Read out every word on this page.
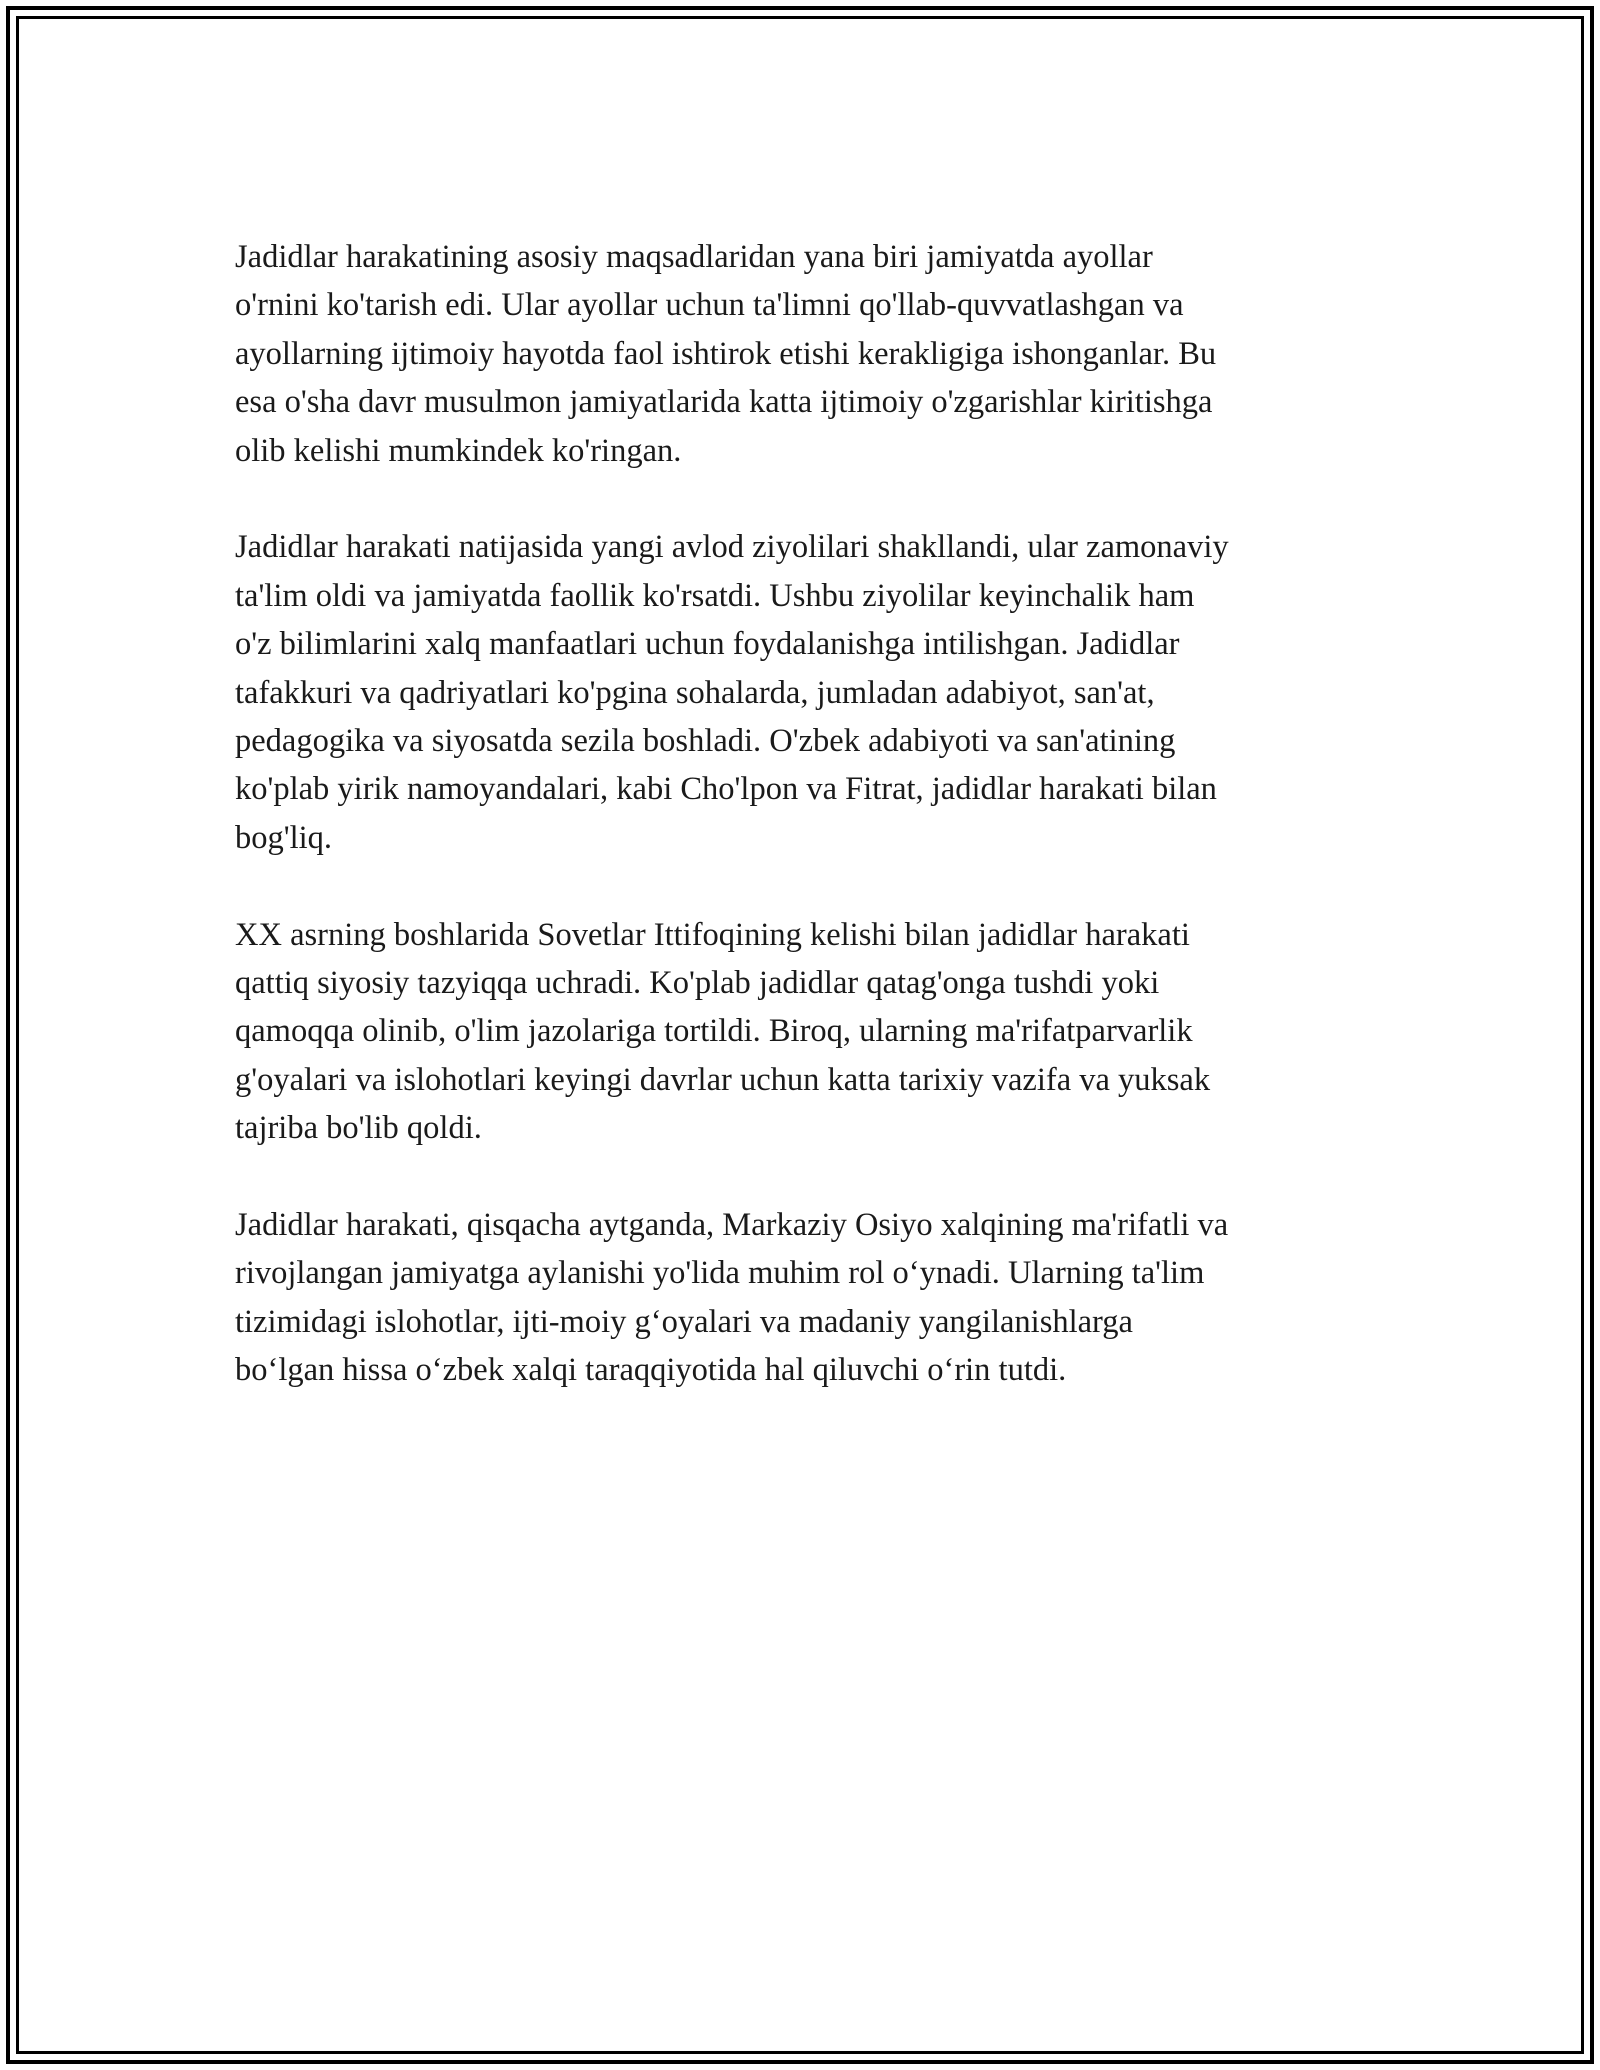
Jadidlar harakatining asosiy maqsadlaridan yana biri jamiyatda ayollar
o'rnini ko'tarish edi. Ular ayollar uchun ta'limni qo'llab-quvvatlashgan va
ayollarning ijtimoiy hayotda faol ishtirok etishi kerakligiga ishonganlar. Bu
esa o'sha davr musulmon jamiyatlarida katta ijtimoiy o'zgarishlar kiritishga
olib kelishi mumkindek ko'ringan.

Jadidlar harakati natijasida yangi avlod ziyolilari shakllandi, ular zamonaviy
ta'lim oldi va jamiyatda faollik ko'rsatdi. Ushbu ziyolilar keyinchalik ham
o'z bilimlarini xalq manfaatlari uchun foydalanishga intilishgan. Jadidlar
tafakkuri va qadriyatlari ko'pgina sohalarda, jumladan adabiyot, san'at,
pedagogika va siyosatda sezila boshladi. O'zbek adabiyoti va san'atining
ko'plab yirik namoyandalari, kabi Cho'lpon va Fitrat, jadidlar harakati bilan
bog'liq.

XX asrning boshlarida Sovetlar Ittifoqining kelishi bilan jadidlar harakati
qattiq siyosiy tazyiqqa uchradi. Ko'plab jadidlar qatag'onga tushdi yoki
qamoqqa olinib, o'lim jazolariga tortildi. Biroq, ularning ma'rifatparvarlik
g'oyalari va islohotlari keyingi davrlar uchun katta tarixiy vazifa va yuksak
tajriba bo'lib qoldi.

Jadidlar harakati, qisqacha aytganda, Markaziy Osiyo xalqining ma'rifatli va
rivojlangan jamiyatga aylanishi yo'lida muhim rol o‘ynadi. Ularning ta'lim
tizimidagi islohotlar, ijti-moiy g‘oyalari va madaniy yangilanishlarga
bo‘lgan hissa o‘zbek xalqi taraqqiyotida hal qiluvchi o‘rin tutdi.
